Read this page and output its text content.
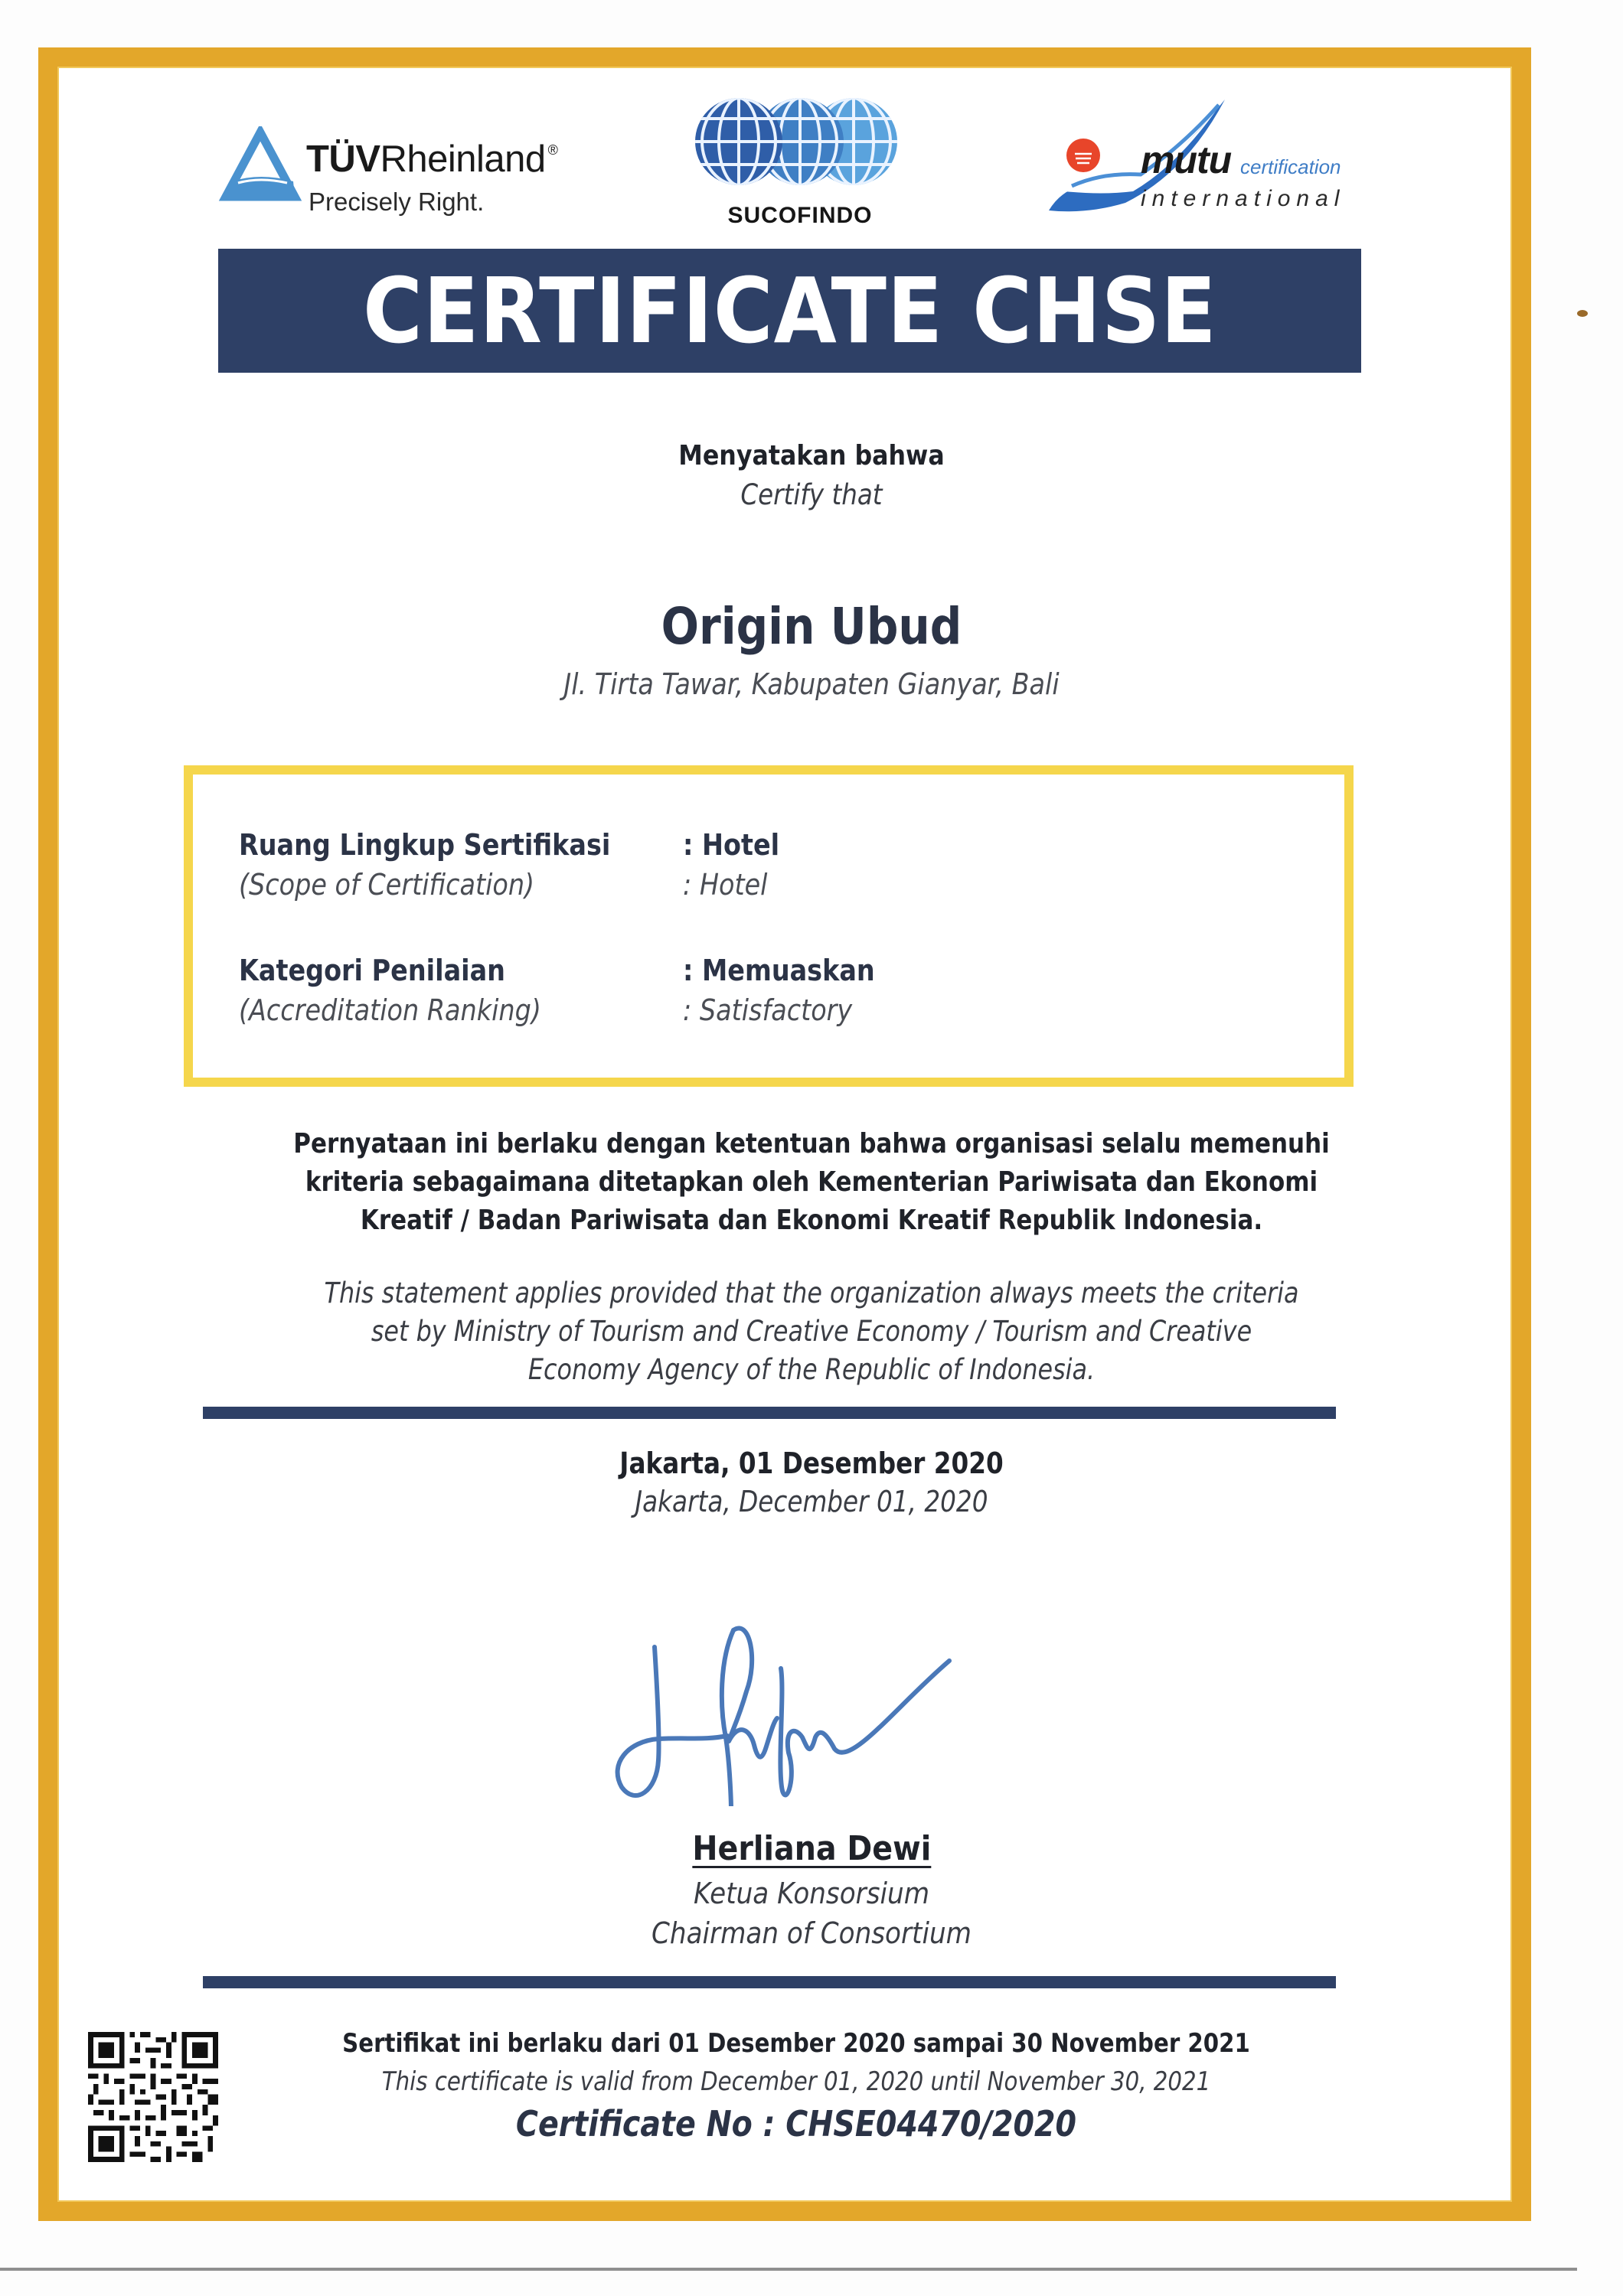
TÜVRheinland ®
Precisely Right.	SUCOFINDO
mutu certification
international
CERTIFICATE CHSE
Menyatakan bahwa
Certify that
Origin Ubud
Jl. Tirta Tawar, Kabupaten Gianyar, Bali
Ruang Lingkup Sertifikasi
(Scope of Certification)
: Hotel
: Hotel
Kategori Penilaian
(Accreditation Ranking)
: Memuaskan
: Satisfactory
Pernyataan ini berlaku dengan ketentuan bahwa organisasi selalu memenuhi
kriteria sebagaimana ditetapkan oleh Kementerian Pariwisata dan Ekonomi
Kreatif / Badan Pariwisata dan Ekonomi Kreatif Republik Indonesia.
This statement applies provided that the organization always meets the criteria
set by Ministry of Tourism and Creative Economy / Tourism and Creative
Economy Agency of the Republic of Indonesia.
Jakarta, 01 Desember 2020
Jakarta, December 01, 2020
Herliana Dewi
Ketua Konsorsium
Chairman of Consortium
Sertifikat ini berlaku dari 01 Desember 2020 sampai 30 November 2021
This certificate is valid from December 01, 2020 until November 30, 2021
Certificate No : CHSE04470/2020
